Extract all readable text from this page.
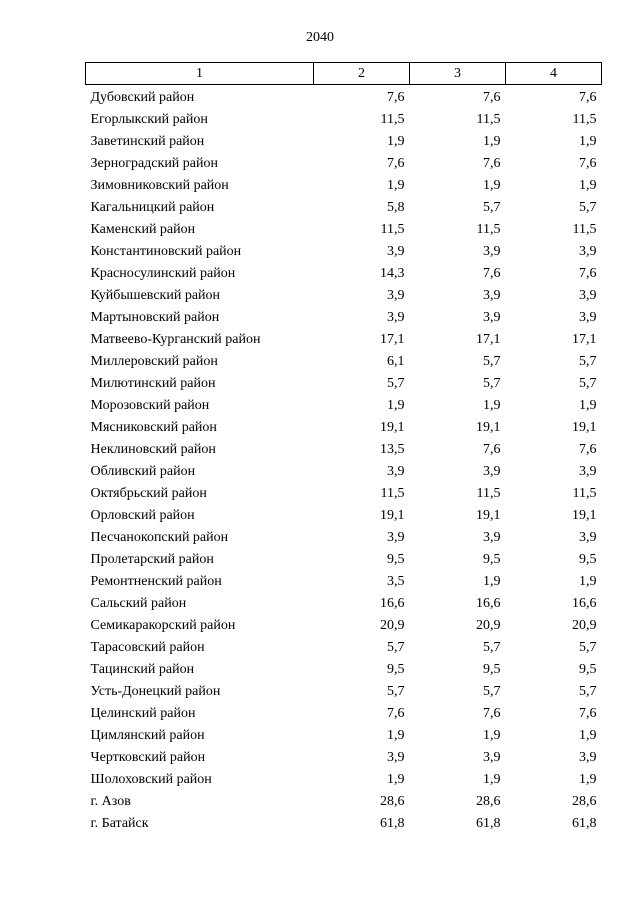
2040
1	2	3	4
Дубовский район	7,6	7,6	7,6
Егорлыкский район	11,5	11,5	11,5
Заветинский район	1,9	1,9	1,9
Зерноградский район	7,6	7,6	7,6
Зимовниковский район	1,9	1,9	1,9
Кагальницкий район	5,8	5,7	5,7
Каменский район	11,5	11,5	11,5
Константиновский район	3,9	3,9	3,9
Красносулинский район	14,3	7,6	7,6
Куйбышевский район	3,9	3,9	3,9
Мартыновский район	3,9	3,9	3,9
Матвеево-Курганский район	17,1	17,1	17,1
Миллеровский район	6,1	5,7	5,7
Милютинский район	5,7	5,7	5,7
Морозовский район	1,9	1,9	1,9
Мясниковский район	19,1	19,1	19,1
Неклиновский район	13,5	7,6	7,6
Обливский район	3,9	3,9	3,9
Октябрьский район	11,5	11,5	11,5
Орловский район	19,1	19,1	19,1
Песчанокопский район	3,9	3,9	3,9
Пролетарский район	9,5	9,5	9,5
Ремонтненский район	3,5	1,9	1,9
Сальский район	16,6	16,6	16,6
Семикаракорский район	20,9	20,9	20,9
Тарасовский район	5,7	5,7	5,7
Тацинский район	9,5	9,5	9,5
Усть-Донецкий район	5,7	5,7	5,7
Целинский район	7,6	7,6	7,6
Цимлянский район	1,9	1,9	1,9
Чертковский район	3,9	3,9	3,9
Шолоховский район	1,9	1,9	1,9
г. Азов	28,6	28,6	28,6
г. Батайск	61,8	61,8	61,8
